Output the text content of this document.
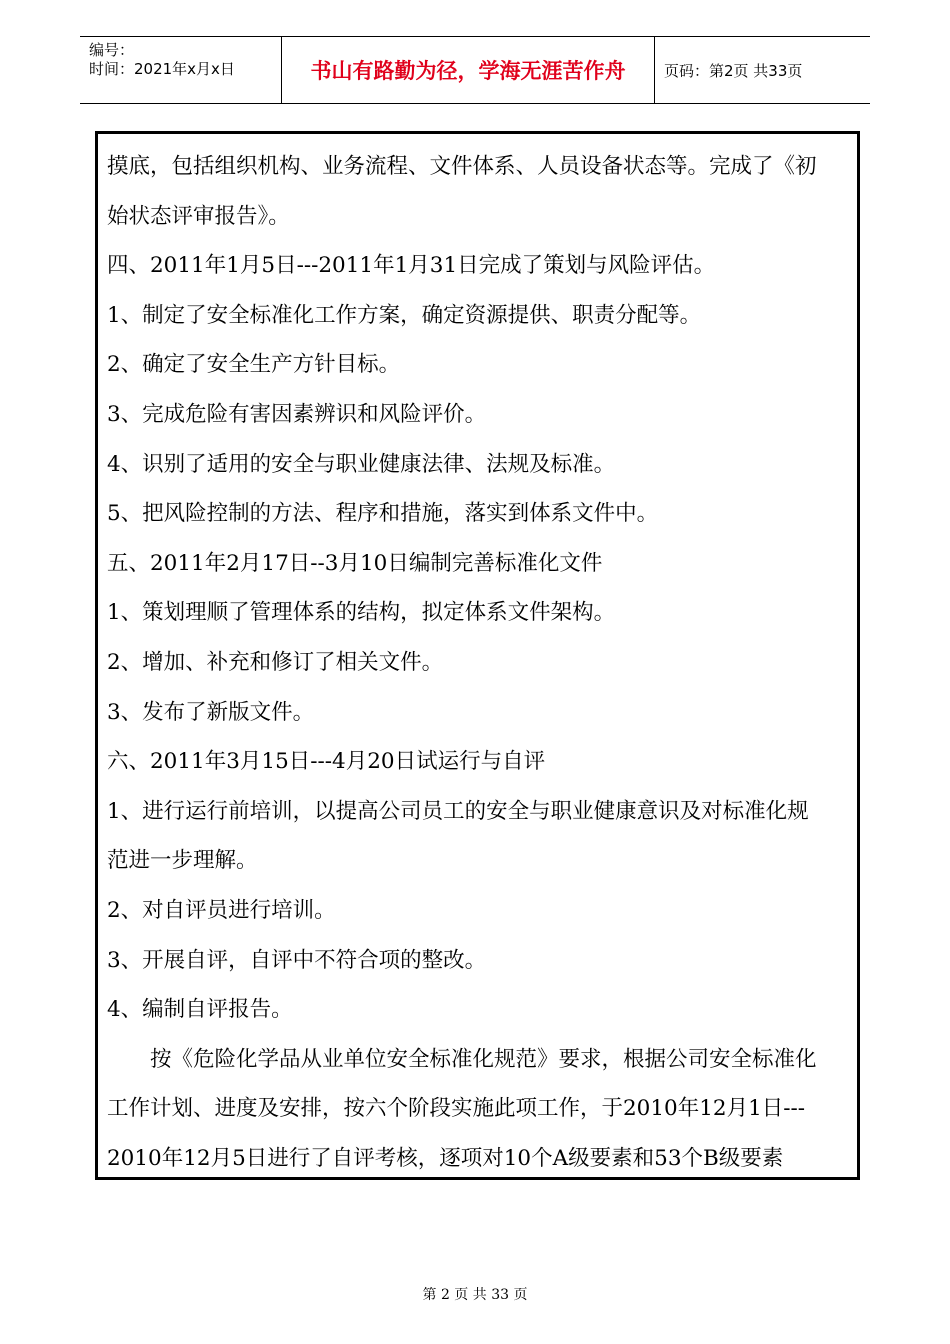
编号：
时间：2021年x月x日	书山有路勤为径，学海无涯苦作舟	页码：第2页 共33页
摸底，包括组织机构、业务流程、文件体系、人员设备状态等。完成了《初
始状态评审报告》。
四、2011年1月5日---2011年1月31日完成了策划与风险评估。
1、制定了安全标准化工作方案，确定资源提供、职责分配等。
2、确定了安全生产方针目标。
3、完成危险有害因素辨识和风险评价。
4、识别了适用的安全与职业健康法律、法规及标准。
5、把风险控制的方法、程序和措施，落实到体系文件中。
五、2011年2月17日--3月10日编制完善标准化文件
1、策划理顺了管理体系的结构，拟定体系文件架构。
2、增加、补充和修订了相关文件。
3、发布了新版文件。
六、2011年3月15日---4月20日试运行与自评
1、进行运行前培训，以提高公司员工的安全与职业健康意识及对标准化规
范进一步理解。
2、对自评员进行培训。
3、开展自评，自评中不符合项的整改。
4、编制自评报告。
　　按《危险化学品从业单位安全标准化规范》要求，根据公司安全标准化
工作计划、进度及安排，按六个阶段实施此项工作，于2010年12月1日---
2010年12月5日进行了自评考核，逐项对10个A级要素和53个B级要素
第 2 页 共 33 页
